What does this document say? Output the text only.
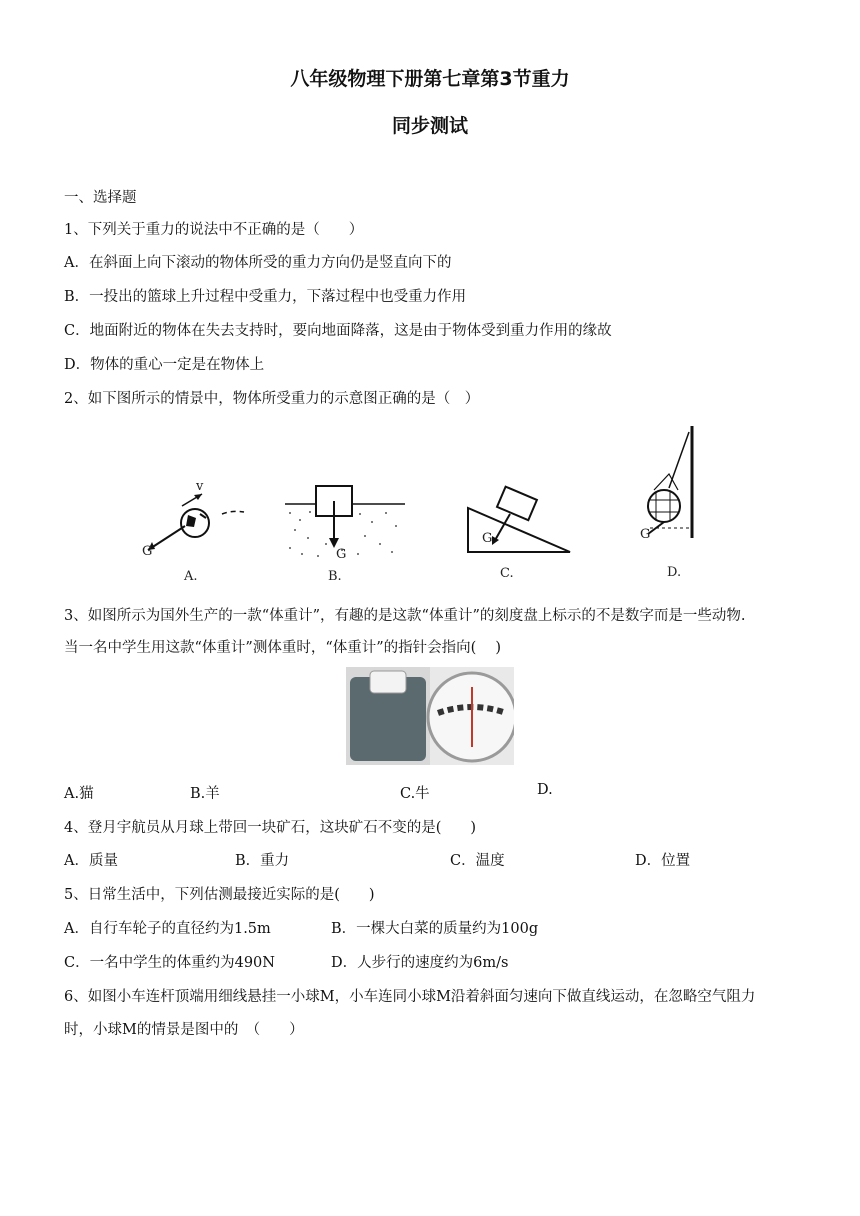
八年级物理下册第七章第3节重力
同步测试
一、选择题
1、下列关于重力的说法中不正确的是（　　）
A．在斜面上向下滚动的物体所受的重力方向仍是竖直向下的
B．一投出的篮球上升过程中受重力，下落过程中也受重力作用
C．地面附近的物体在失去支持时，要向地面降落，这是由于物体受到重力作用的缘故
D．物体的重心一定是在物体上
2、如下图所示的情景中，物体所受重力的示意图正确的是（　）
G
v
A.
G
B.
G
C.
G
D.
3、如图所示为国外生产的一款“体重计”，有趣的是这款“体重计”的刻度盘上标示的不是数字而是一些动物.
当一名中学生用这款“体重计”测体重时，“体重计”的指针会指向(　 )
A.猫	B.羊	C.牛	D.
4、登月宇航员从月球上带回一块矿石，这块矿石不变的是(　　)
A．质量	B．重力	C．温度	D．位置
5、日常生活中，下列估测最接近实际的是(　　)
A．自行车轮子的直径约为1.5m	B．一棵大白菜的质量约为100g
C．一名中学生的体重约为490N	D．人步行的速度约为6m/s
6、如图小车连杆顶端用细线悬挂一小球M，小车连同小球M沿着斜面匀速向下做直线运动，在忽略空气阻力
时，小球M的情景是图中的　（　　）
